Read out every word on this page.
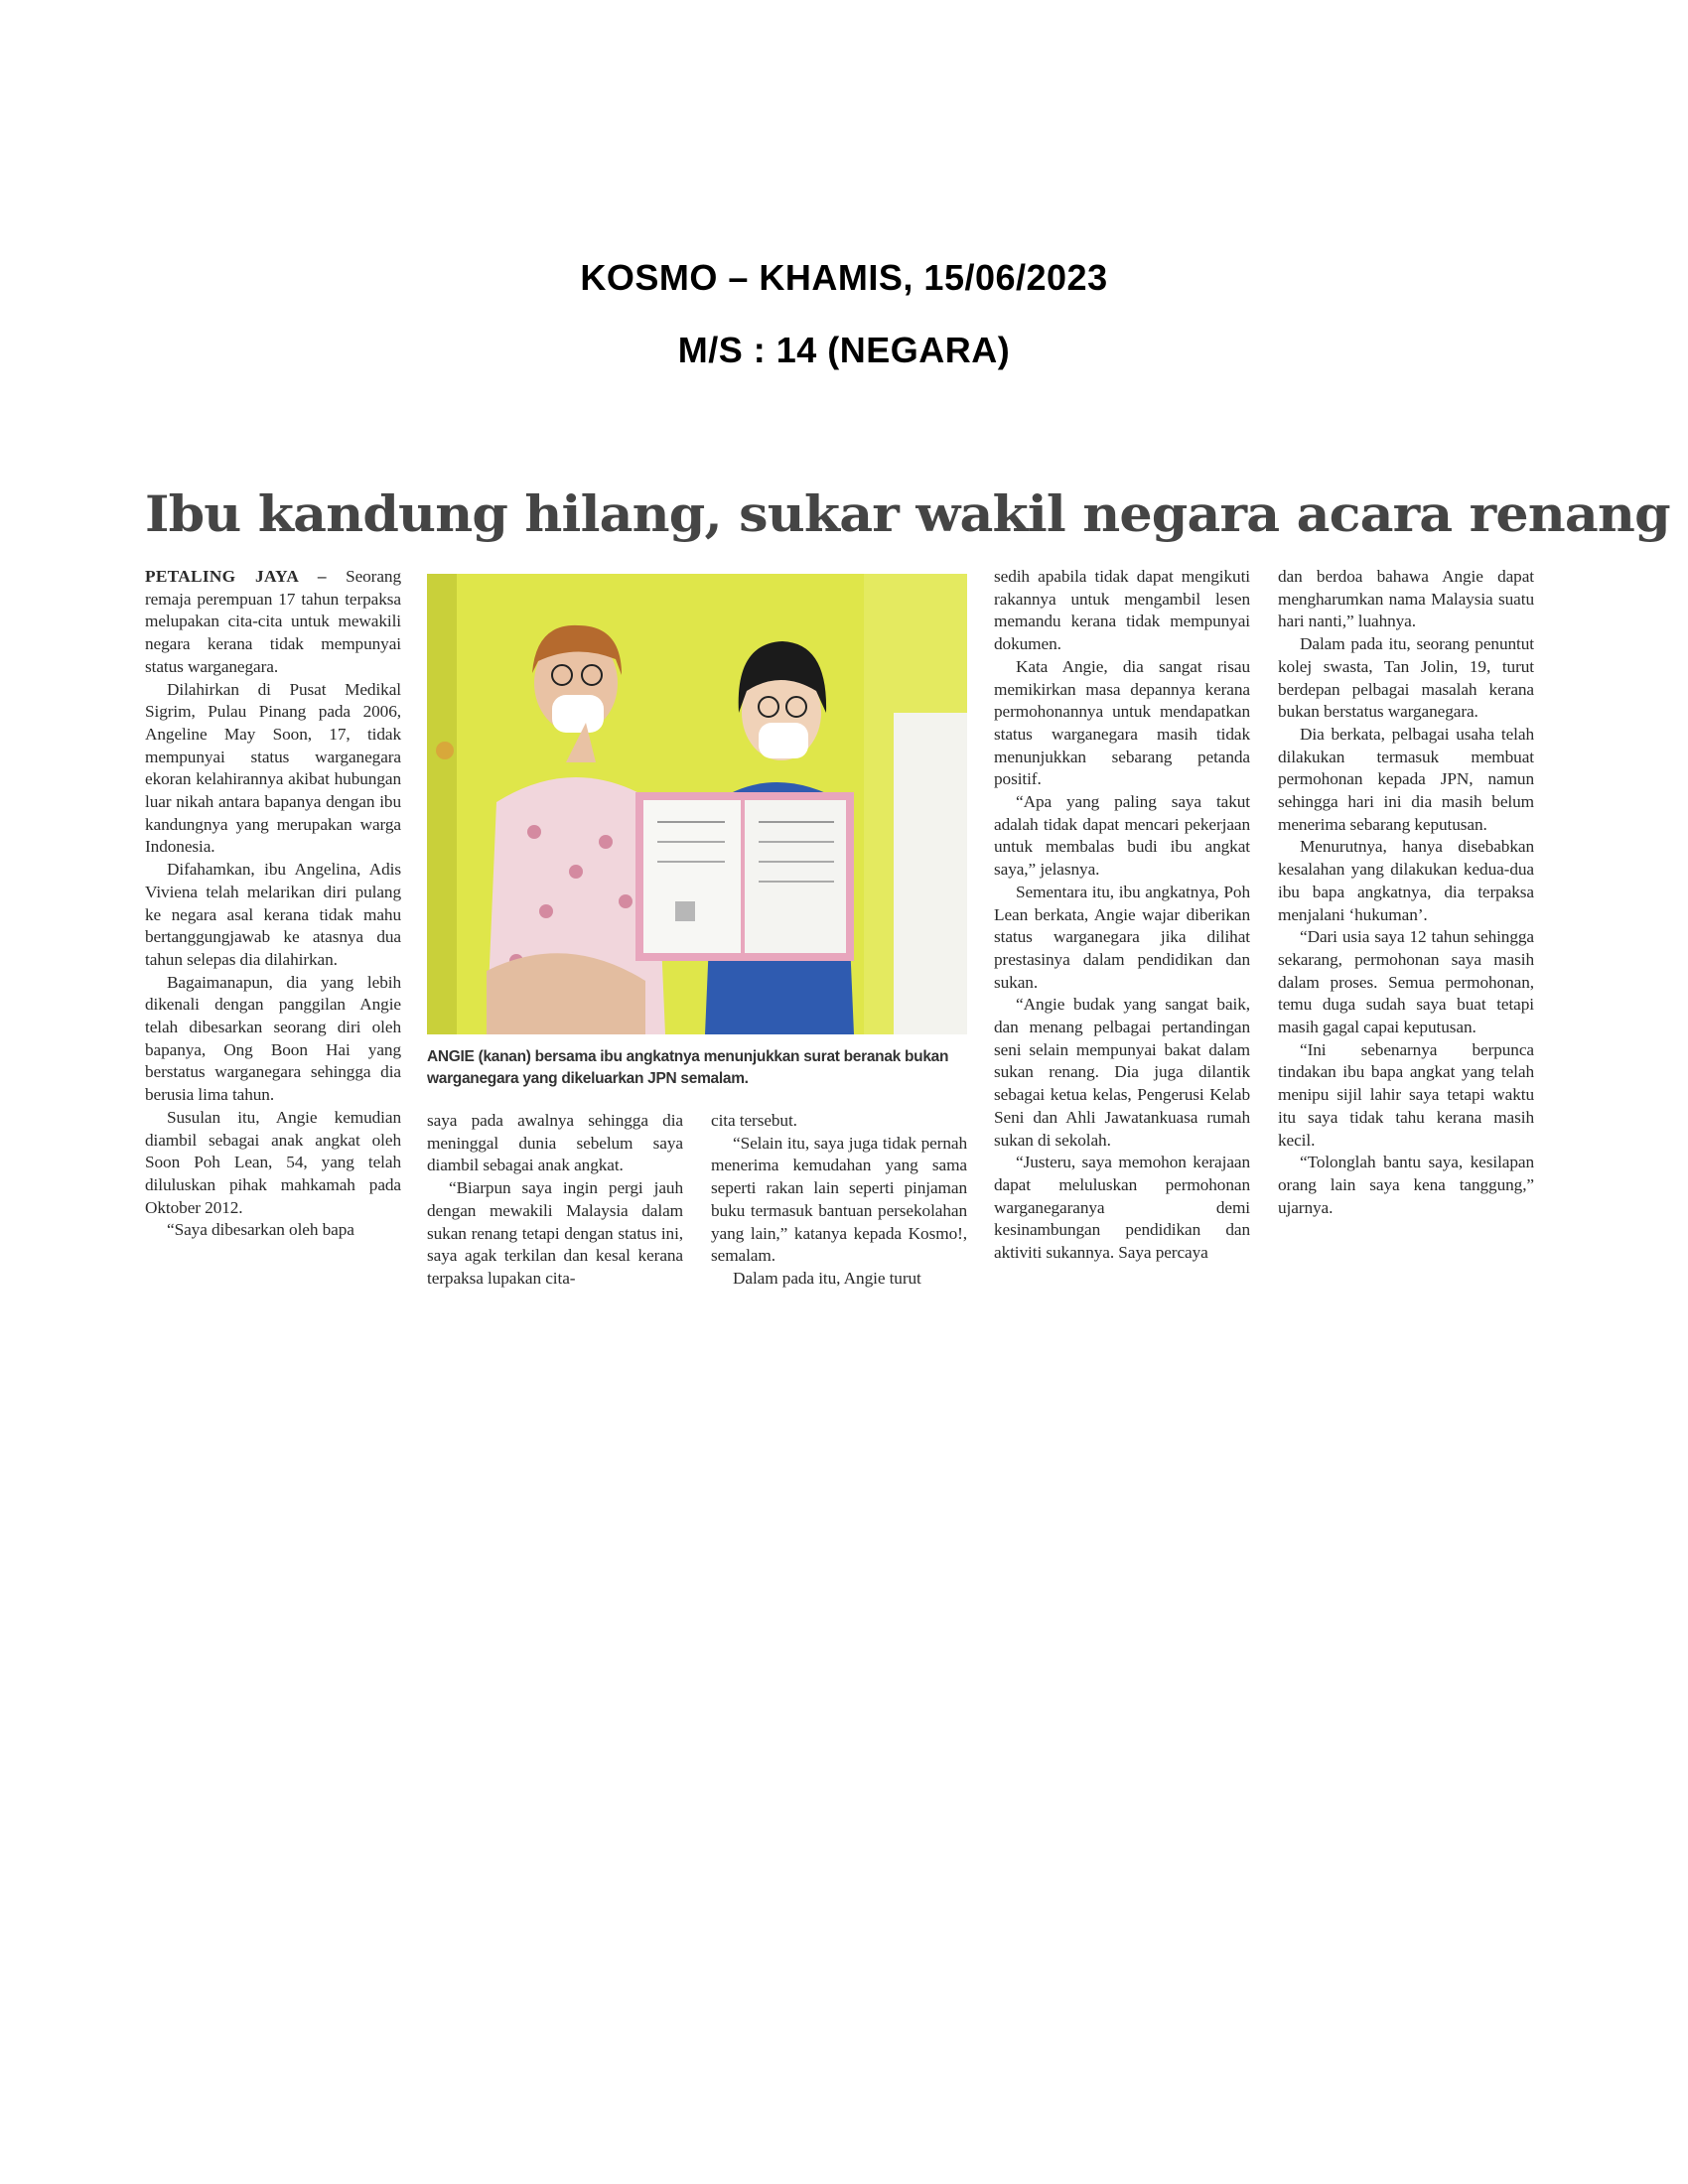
KOSMO – KHAMIS, 15/06/2023
M/S : 14 (NEGARA)
Ibu kandung hilang, sukar wakil negara acara renang

PETALING JAYA – Seorang remaja perempuan 17 tahun terpaksa melupakan cita-cita untuk mewakili negara kerana tidak mempunyai status warganegara.

Dilahirkan di Pusat Medikal Sigrim, Pulau Pinang pada 2006, Angeline May Soon, 17, tidak mempunyai status warganegara ekoran kelahirannya akibat hubungan luar nikah antara bapanya dengan ibu kandungnya yang merupakan warga Indonesia.

Difahamkan, ibu Angelina, Adis Viviena telah melarikan diri pulang ke negara asal kerana tidak mahu bertanggungjawab ke atasnya dua tahun selepas dia dilahirkan.

Bagaimanapun, dia yang lebih dikenali dengan panggilan Angie telah dibesarkan seorang diri oleh bapanya, Ong Boon Hai yang berstatus warganegara sehingga dia berusia lima tahun.

Susulan itu, Angie kemudian diambil sebagai anak angkat oleh Soon Poh Lean, 54, yang telah diluluskan pihak mahkamah pada Oktober 2012.

“Saya dibesarkan oleh bapa

ANGIE (kanan) bersama ibu angkatnya menunjukkan surat beranak bukan warganegara yang dikeluarkan JPN semalam.

saya pada awalnya sehingga dia meninggal dunia sebelum saya diambil sebagai anak angkat.

“Biarpun saya ingin pergi jauh dengan mewakili Malaysia dalam sukan renang tetapi dengan status ini, saya agak terkilan dan kesal kerana terpaksa lupakan cita-

cita tersebut.

“Selain itu, saya juga tidak pernah menerima kemudahan yang sama seperti rakan lain seperti pinjaman buku termasuk bantuan persekolahan yang lain,” katanya kepada Kosmo!, semalam.

Dalam pada itu, Angie turut

sedih apabila tidak dapat mengikuti rakannya untuk mengambil lesen memandu kerana tidak mempunyai dokumen.

Kata Angie, dia sangat risau memikirkan masa depannya kerana permohonannya untuk mendapatkan status warganegara masih tidak menunjukkan sebarang petanda positif.

“Apa yang paling saya takut adalah tidak dapat mencari pekerjaan untuk membalas budi ibu angkat saya,” jelasnya.

Sementara itu, ibu angkatnya, Poh Lean berkata, Angie wajar diberikan status warganegara jika dilihat prestasinya dalam pendidikan dan sukan.

“Angie budak yang sangat baik, dan menang pelbagai pertandingan seni selain mempunyai bakat dalam sukan renang. Dia juga dilantik sebagai ketua kelas, Pengerusi Kelab Seni dan Ahli Jawatankuasa rumah sukan di sekolah.

“Justeru, saya memohon kerajaan dapat meluluskan permohonan warganegaranya demi kesinambungan pendidikan dan aktiviti sukannya. Saya percaya

dan berdoa bahawa Angie dapat mengharumkan nama Malaysia suatu hari nanti,” luahnya.

Dalam pada itu, seorang penuntut kolej swasta, Tan Jolin, 19, turut berdepan pelbagai masalah kerana bukan berstatus warganegara.

Dia berkata, pelbagai usaha telah dilakukan termasuk membuat permohonan kepada JPN, namun sehingga hari ini dia masih belum menerima sebarang keputusan.

Menurutnya, hanya disebabkan kesalahan yang dilakukan kedua-dua ibu bapa angkatnya, dia terpaksa menjalani ‘hukuman’.

“Dari usia saya 12 tahun sehingga sekarang, permohonan saya masih dalam proses. Semua permohonan, temu duga sudah saya buat tetapi masih gagal capai keputusan.

“Ini sebenarnya berpunca tindakan ibu bapa angkat yang telah menipu sijil lahir saya tetapi waktu itu saya tidak tahu kerana masih kecil.

“Tolonglah bantu saya, kesilapan orang lain saya kena tanggung,” ujarnya.
